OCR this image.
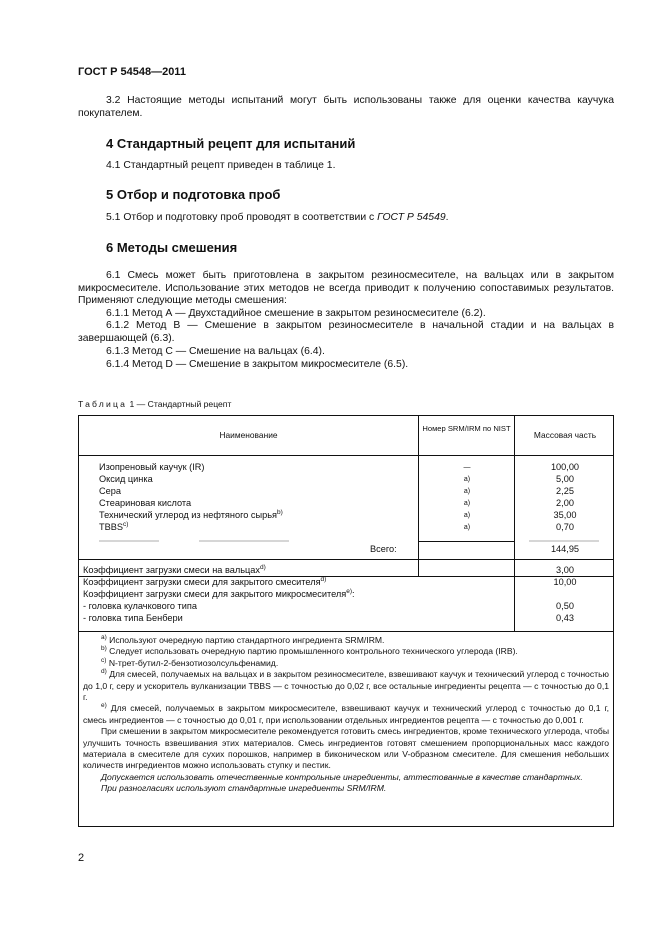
ГОСТ Р 54548—2011
3.2 Настоящие методы испытаний могут быть использованы также для оценки качества каучука покупателем.
4 Стандартный рецепт для испытаний
4.1 Стандартный рецепт приведен в таблице 1.
5 Отбор и подготовка проб
5.1 Отбор и подготовку проб проводят в соответствии с ГОСТ Р 54549.
6 Методы смешения
6.1 Смесь может быть приготовлена в закрытом резиносмесителе, на вальцах или в закрытом микросмесителе. Использование этих методов не всегда приводит к получению сопоставимых результатов. Применяют следующие методы смешения:
6.1.1 Метод А — Двухстадийное смешение в закрытом резиносмесителе (6.2).
6.1.2 Метод В — Смешение в закрытом резиносмесителе в начальной стадии и на вальцах в завершающей (6.3).
6.1.3 Метод С — Смешение на вальцах (6.4).
6.1.4 Метод D — Смешение в закрытом микросмесителе (6.5).
Таблица 1 — Стандартный рецепт
Наименование
Номер SRM/IRM по NIST
Массовая часть
Изопреновый каучук (IR)	—	100,00
Оксид цинка	a)	5,00
Сера	a)	2,25
Стеариновая кислота	a)	2,00
Технический углерод из нефтяного сырья$^{b)}$	a)	35,00
TBBS$^{c)}$	a)	0,70
Всего:	144,95
Коэффициент загрузки смеси на вальцах$^{d)}$	3,00
Коэффициент загрузки смеси для закрытого смесителя$^{d)}$	10,00
Коэффициент загрузки смеси для закрытого микросмесителя$^{e)}$:
- головка кулачкового типа	0,50
- головка типа Бенбери	0,43
$^{a)}$ Используют очередную партию стандартного ингредиента SRM/IRM.
$^{b)}$ Следует использовать очередную партию промышленного контрольного технического углерода (IRB).
$^{c)}$ N-трет-бутил-2-бензотиозолсульфенамид.
$^{d)}$ Для смесей, получаемых на вальцах и в закрытом резиносмесителе, взвешивают каучук и технический углерод с точностью до 1,0 г, серу и ускоритель вулканизации TBBS — с точностью до 0,02 г, все остальные ингредиенты рецепта — с точностью до 0,1 г.
$^{e)}$ Для смесей, получаемых в закрытом микросмесителе, взвешивают каучук и технический углерод с точностью до 0,1 г, смесь ингредиентов — с точностью до 0,01 г, при использовании отдельных ингредиентов рецепта — с точностью до 0,001 г.
При смешении в закрытом микросмесителе рекомендуется готовить смесь ингредиентов, кроме технического углерода, чтобы улучшить точность взвешивания этих материалов. Смесь ингредиентов готовят смешением пропорциональных масс каждого материала в смесителе для сухих порошков, например в биконическом или V-образном смесителе. Для смешения небольших количеств ингредиентов можно использовать ступку и пестик.
Допускается использовать отечественные контрольные ингредиенты, аттестованные в качестве стандартных.
При разногласиях используют стандартные ингредиенты SRM/IRM.
2
